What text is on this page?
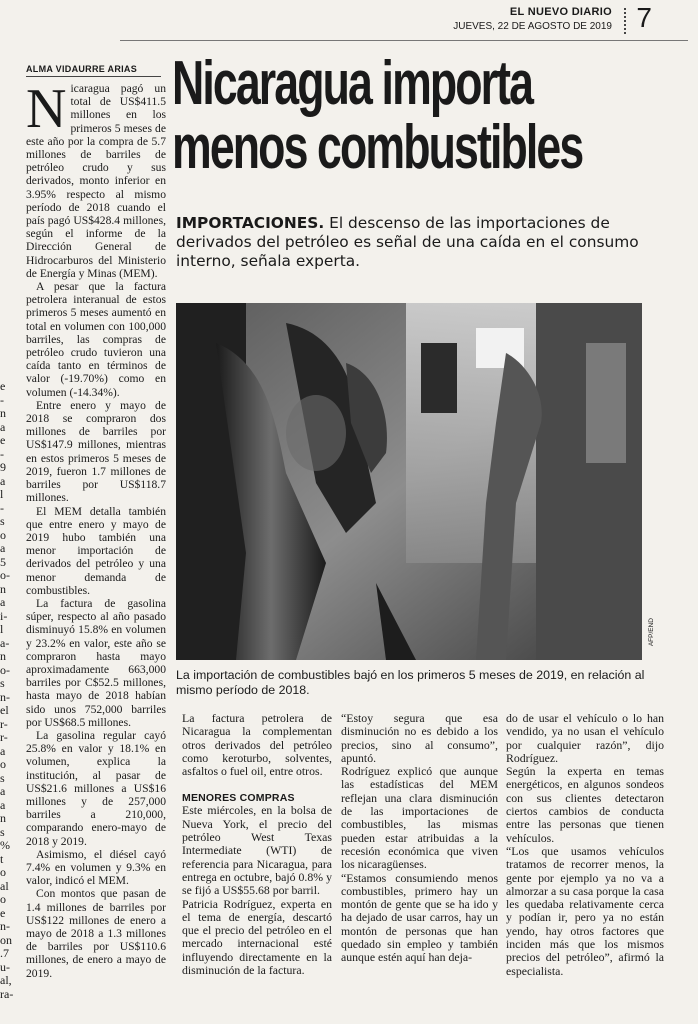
EL NUEVO DIARIO
JUEVES, 22 DE AGOSTO DE 2019 7
e
-
n
a
e
-
9
a
l
-
s
o
a
5
o-
n
a
i-
l
a-
n
o-
s
n-
el
r-
r-
a
o
s
a
a
n
s
%
t
o
al
o
e
n-
on
.7
u-
al,
ra-
ALMA VIDAURRE ARIAS

Nicaragua pagó un total de US$411.5 millones en los primeros 5 meses de este año por la compra de 5.7 millones de barriles de petróleo crudo y sus derivados, monto inferior en 3.95% respecto al mismo período de 2018 cuando el país pagó US$428.4 millones, según el informe de la Dirección General de Hidrocarburos del Ministerio de Energía y Minas (MEM).

A pesar que la factura petrolera interanual de estos primeros 5 meses aumentó en total en volumen con 100,000 barriles, las compras de petróleo crudo tuvieron una caída tanto en términos de valor (-19.70%) como en volumen (-14.34%).

Entre enero y mayo de 2018 se compraron dos millones de barriles por US$147.9 millones, mientras en estos primeros 5 meses de 2019, fueron 1.7 millones de barriles por US$118.7 millones.

El MEM detalla también que entre enero y mayo de 2019 hubo también una menor importación de derivados del petróleo y una menor demanda de combustibles.

La factura de gasolina súper, respecto al año pasado disminuyó 15.8% en volumen y 23.2% en valor, este año se compraron hasta mayo aproximadamente 663,000 barriles por C$52.5 millones, hasta mayo de 2018 habían sido unos 752,000 barriles por US$68.5 millones.

La gasolina regular cayó 25.8% en valor y 18.1% en volumen, explica la institución, al pasar de US$21.6 millones a US$16 millones y de 257,000 barriles a 210,000, comparando enero-mayo de 2018 y 2019.

Asimismo, el diésel cayó 7.4% en volumen y 9.3% en valor, indicó el MEM.

Con montos que pasan de 1.4 millones de barriles por US$122 millones de enero a mayo de 2018 a 1.3 millones de barriles por US$110.6 millones, de enero a mayo de 2019.

Nicaragua importa
menos combustibles
IMPORTACIONES. El descenso de las importaciones de derivados del petróleo es señal de una caída en el consumo interno, señala experta.
AFP/END
La importación de combustibles bajó en los primeros 5 meses de 2019, en relación al mismo período de 2018.

La factura petrolera de Nicaragua la complementan otros derivados del petróleo como keroturbo, solventes, asfaltos o fuel oil, entre otros.

MENORES COMPRAS

Este miércoles, en la bolsa de Nueva York, el precio del petróleo West Texas Intermediate (WTI) de referencia para Nicaragua, para entrega en octubre, bajó 0.8% y se fijó a US$55.68 por barril.

Patricia Rodríguez, experta en el tema de energía, descartó que el precio del petróleo en el mercado internacional esté influyendo directamente en la disminución de la factura.

“Estoy segura que esa disminución no es debido a los precios, sino al consumo”, apuntó.

Rodríguez explicó que aunque las estadísticas del MEM reflejan una clara disminución de las importaciones de combustibles, las mismas pueden estar atribuidas a la recesión económica que viven los nicaragüenses.

“Estamos consumiendo menos combustibles, primero hay un montón de gente que se ha ido y ha dejado de usar carros, hay un montón de personas que han quedado sin empleo y también aunque estén aquí han deja-

do de usar el vehículo o lo han vendido, ya no usan el vehículo por cualquier razón”, dijo Rodríguez.

Según la experta en temas energéticos, en algunos sondeos con sus clientes detectaron ciertos cambios de conducta entre las personas que tienen vehículos.

“Los que usamos vehículos tratamos de recorrer menos, la gente por ejemplo ya no va a almorzar a su casa porque la casa les quedaba relativamente cerca y podían ir, pero ya no están yendo, hay otros factores que inciden más que los mismos precios del petróleo”, afirmó la especialista.
